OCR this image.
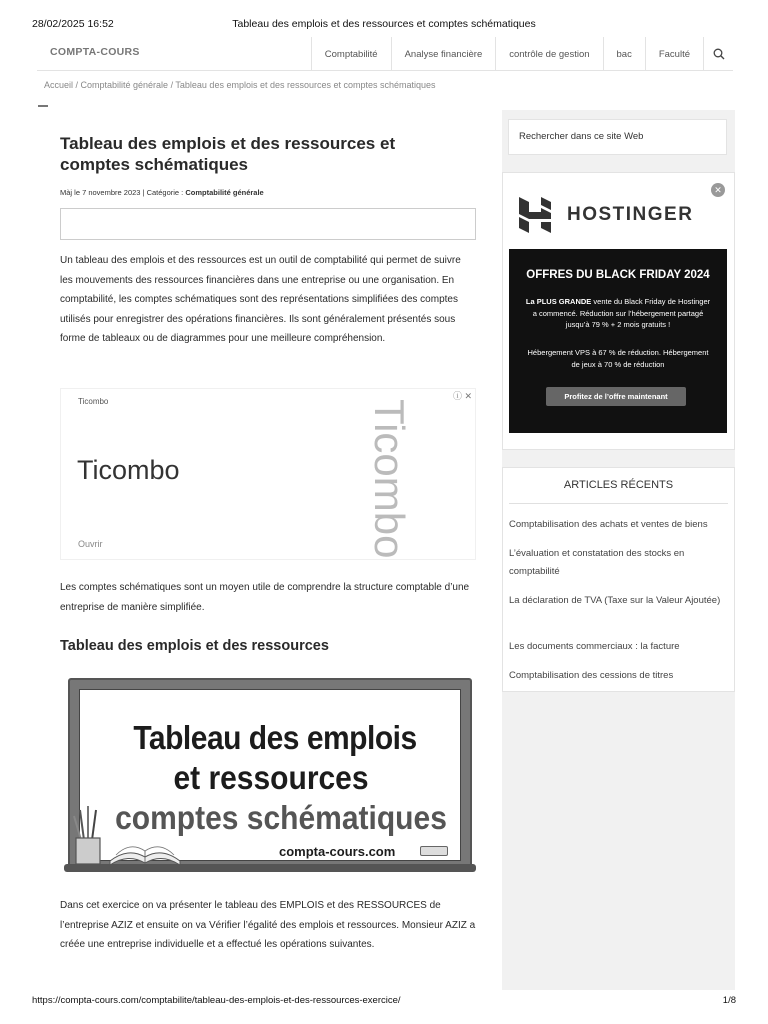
28/02/2025 16:52	Tableau des emplois et des ressources et comptes schématiques
COMPTA-COURS	Comptabilité	Analyse financière	contrôle de gestion	bac	Faculté
Accueil / Comptabilité générale / Tableau des emplois et des ressources et comptes schématiques
Tableau des emplois et des ressources et comptes schématiques
Màj le 7 novembre 2023 | Catégorie : Comptabilité générale

Un tableau des emplois et des ressources est un outil de comptabilité qui permet de suivre les mouvements des ressources financières dans une entreprise ou une organisation. En comptabilité, les comptes schématiques sont des représentations simplifiées des comptes utilisés pour enregistrer des opérations financières. Ils sont généralement présentés sous forme de tableaux ou de diagrammes pour une meilleure compréhension.

Ticombo
ⓘ ✕
Ticombo
Ouvrir	Ticombo

Les comptes schématiques sont un moyen utile de comprendre la structure comptable d’une entreprise de manière simplifiée.

Tableau des emplois et des ressources
Tableau des emplois
et ressources
comptes schématiques
compta-cours.com

Dans cet exercice on va présenter le tableau des EMPLOIS et des RESSOURCES de l’entreprise AZIZ et ensuite on va Vérifier l’égalité des emplois et ressources. Monsieur AZIZ a créée une entreprise individuelle et a effectué les opérations suivantes.

Rechercher dans ce site Web
✕
HOSTINGER
OFFRES DU BLACK FRIDAY 2024
La PLUS GRANDE vente du Black Friday de Hostinger a commencé. Réduction sur l’hébergement partagé jusqu’à 79 % + 2 mois gratuits !
Hébergement VPS à 67 % de réduction. Hébergement de jeux à 70 % de réduction
Profitez de l’offre maintenant
ARTICLES RÉCENTS
Comptabilisation des achats et ventes de biens
L’évaluation et constatation des stocks en comptabilité
La déclaration de TVA (Taxe sur la Valeur Ajoutée)
Les documents commerciaux : la facture
Comptabilisation des cessions de titres
https://compta-cours.com/comptabilite/tableau-des-emplois-et-des-ressources-exercice/	1/8
